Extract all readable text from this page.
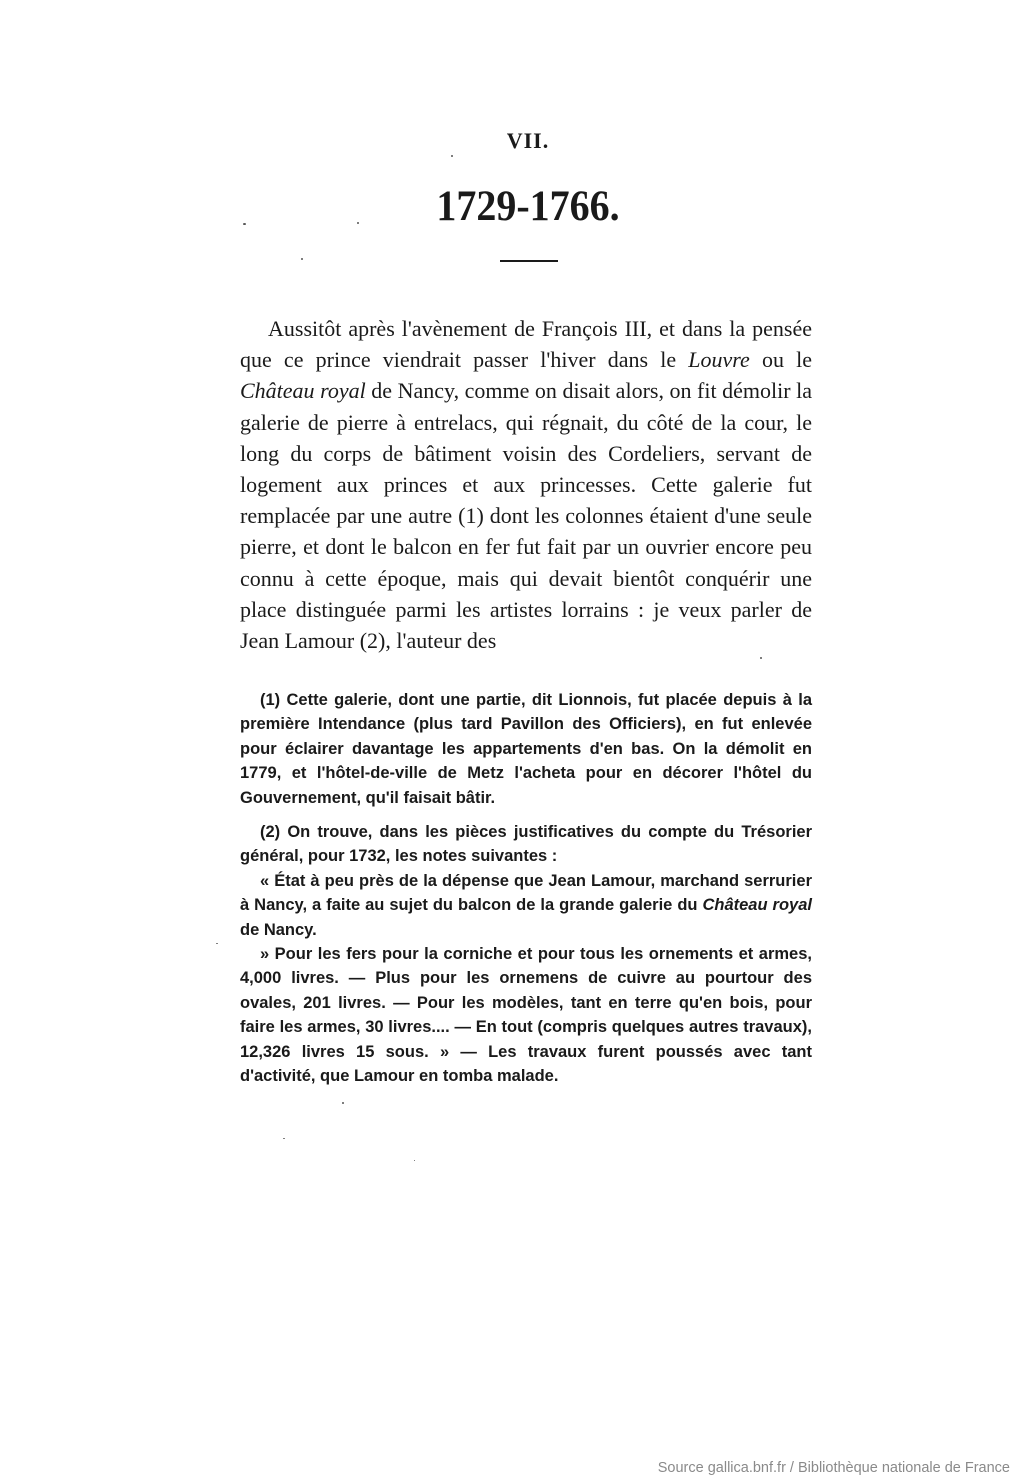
VII.
1729-1766.

Aussitôt après l'avènement de François III, et dans la pensée que ce prince viendrait passer l'hiver dans le Louvre ou le Château royal de Nancy, comme on disait alors, on fit démolir la galerie de pierre à entrelacs, qui régnait, du côté de la cour, le long du corps de bâtiment voisin des Cordeliers, servant de logement aux princes et aux princesses. Cette galerie fut remplacée par une autre (1) dont les colonnes étaient d'une seule pierre, et dont le balcon en fer fut fait par un ouvrier encore peu connu à cette époque, mais qui devait bientôt conquérir une place distinguée parmi les artistes lorrains : je veux parler de Jean Lamour (2), l'auteur des

(1) Cette galerie, dont une partie, dit Lionnois, fut placée depuis à la première Intendance (plus tard Pavillon des Officiers), en fut enlevée pour éclairer davantage les appartements d'en bas. On la démolit en 1779, et l'hôtel-de-ville de Metz l'acheta pour en décorer l'hôtel du Gouvernement, qu'il faisait bâtir.

(2) On trouve, dans les pièces justificatives du compte du Trésorier général, pour 1732, les notes suivantes :

« État à peu près de la dépense que Jean Lamour, marchand serrurier à Nancy, a faite au sujet du balcon de la grande galerie du Château royal de Nancy.

» Pour les fers pour la corniche et pour tous les ornements et armes, 4,000 livres. — Plus pour les ornemens de cuivre au pourtour des ovales, 201 livres. — Pour les modèles, tant en terre qu'en bois, pour faire les armes, 30 livres.... — En tout (compris quelques autres travaux), 12,326 livres 15 sous. » — Les travaux furent poussés avec tant d'activité, que Lamour en tomba malade.

Source gallica.bnf.fr / Bibliothèque nationale de France
